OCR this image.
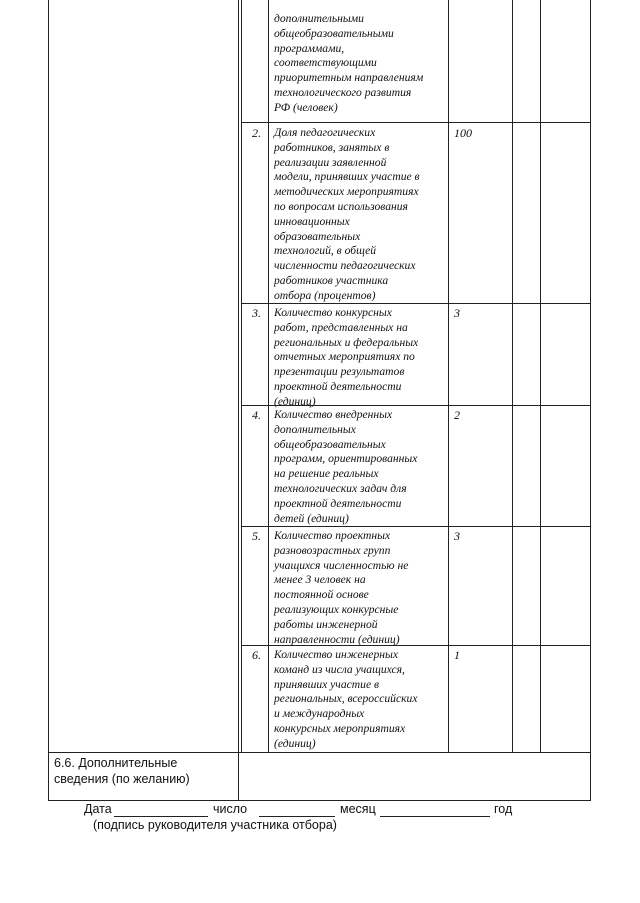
дополнительными
общеобразовательными
программами,
соответствующими
приоритетным направлениям
технологического развития
РФ (человек)
2. Доля педагогических
работников, занятых в
реализации заявленной
модели, принявших участие в
методических мероприятиях
по вопросам использования
инновационных
образовательных
технологий, в общей
численности педагогических
работников участника
отбора (процентов)
100
3. Количество конкурсных
работ, представленных на
региональных и федеральных
отчетных мероприятиях по
презентации результатов
проектной деятельности
(единиц)
3
4. Количество внедренных
дополнительных
общеобразовательных
программ, ориентированных
на решение реальных
технологических задач для
проектной деятельности
детей (единиц)
2
5. Количество проектных
разновозрастных групп
учащихся численностью не
менее 3 человек на
постоянной основе
реализующих конкурсные
работы инженерной
направленности (единиц)
3
6. Количество инженерных
команд из числа учащихся,
принявших участие в
региональных, всероссийских
и международных
конкурсных мероприятиях
(единиц)
1
6.6. Дополнительные
сведения (по желанию)
Дата	число	месяц	год
(подпись руководителя участника отбора)
